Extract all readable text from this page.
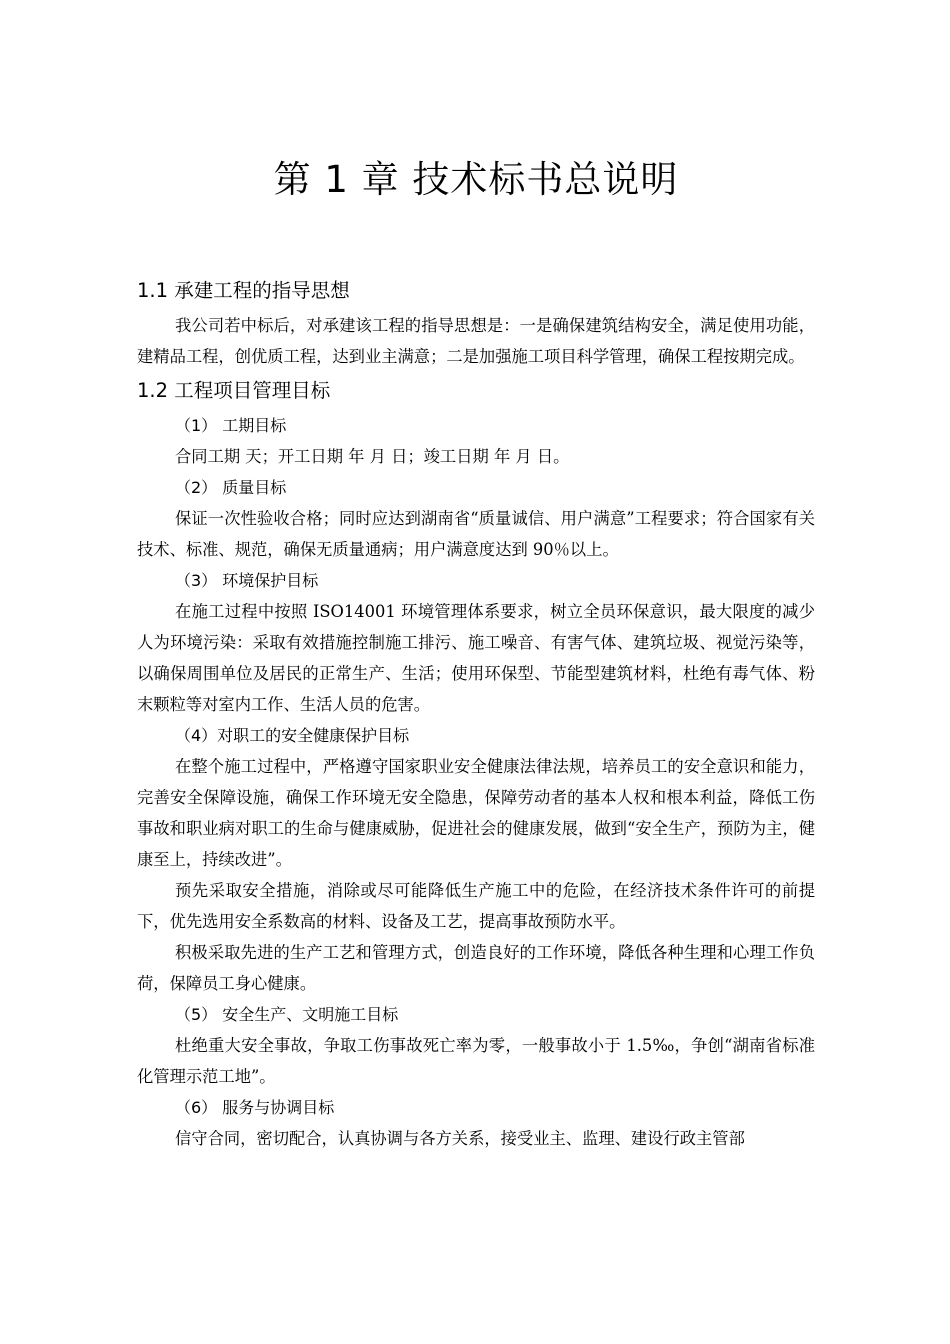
第 1 章 技术标书总说明
1.1 承建工程的指导思想

我公司若中标后，对承建该工程的指导思想是：一是确保建筑结构安全，满足使用功能，建精品工程，创优质工程，达到业主满意；二是加强施工项目科学管理，确保工程按期完成。

1.2 工程项目管理目标
（1） 工期目标

合同工期 天；开工日期 年 月 日；竣工日期 年 月 日。

（2） 质量目标

保证一次性验收合格；同时应达到湖南省“质量诚信、用户满意”工程要求；符合国家有关技术、标准、规范，确保无质量通病；用户满意度达到 90％以上。

（3） 环境保护目标

在施工过程中按照 ISO14001 环境管理体系要求，树立全员环保意识，最大限度的减少人为环境污染：采取有效措施控制施工排污、施工噪音、有害气体、建筑垃圾、视觉污染等，以确保周围单位及居民的正常生产、生活；使用环保型、节能型建筑材料，杜绝有毒气体、粉末颗粒等对室内工作、生活人员的危害。

（4）对职工的安全健康保护目标

在整个施工过程中，严格遵守国家职业安全健康法律法规，培养员工的安全意识和能力，完善安全保障设施，确保工作环境无安全隐患，保障劳动者的基本人权和根本利益，降低工伤事故和职业病对职工的生命与健康威胁，促进社会的健康发展，做到“安全生产，预防为主，健康至上，持续改进”。

预先采取安全措施，消除或尽可能降低生产施工中的危险，在经济技术条件许可的前提下，优先选用安全系数高的材料、设备及工艺，提高事故预防水平。

积极采取先进的生产工艺和管理方式，创造良好的工作环境，降低各种生理和心理工作负荷，保障员工身心健康。

（5） 安全生产、文明施工目标

杜绝重大安全事故，争取工伤事故死亡率为零，一般事故小于 1.5‰，争创“湖南省标准化管理示范工地”。

（6） 服务与协调目标

信守合同，密切配合，认真协调与各方关系，接受业主、监理、建设行政主管部
